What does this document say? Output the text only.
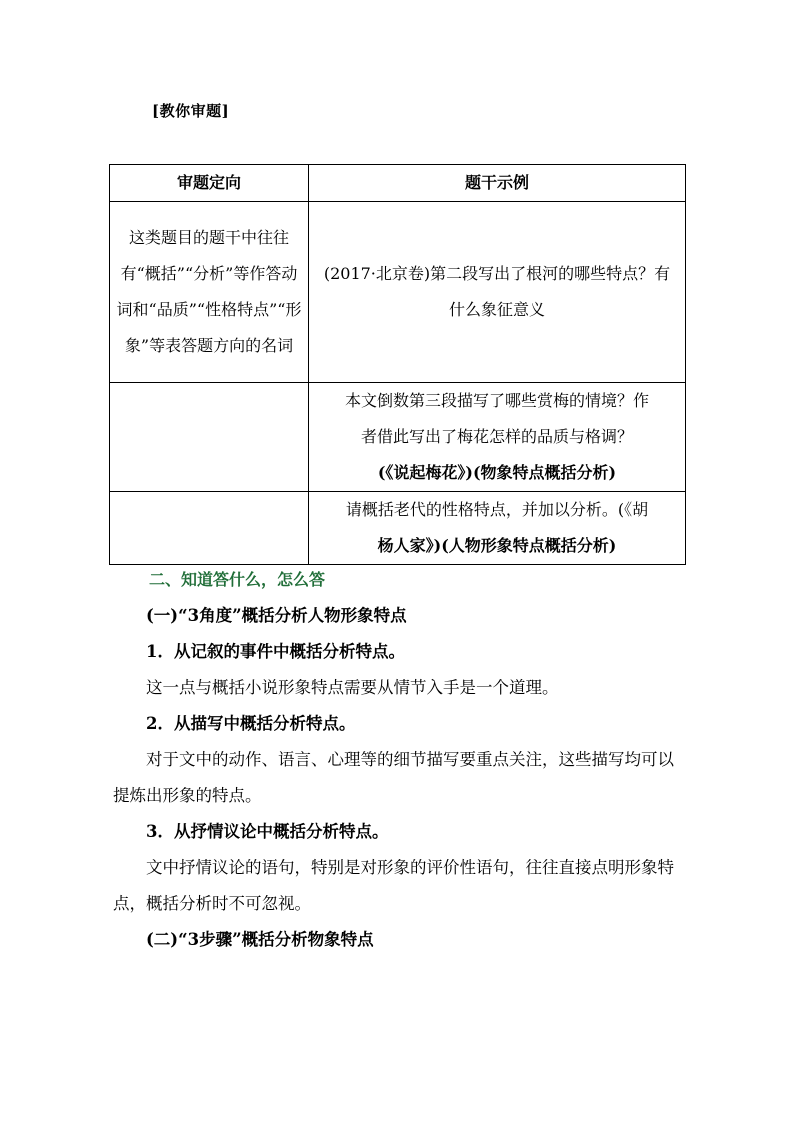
[教你审题]
审题定向	题干示例

这类题目的题干中往往有“概括”“分析”等作答动词和“品质”“性格特点”“形象”等表答题方向的名词	(2017·北京卷)第二段写出了根河的哪些特点？有什么象征意义

	本文倒数第三段描写了哪些赏梅的情境？作
者借此写出了梅花怎样的品质与格调？
(《说起梅花》)(物象特点概括分析)

	请概括老代的性格特点，并加以分析。(《胡
杨人家》)(人物形象特点概括分析)
二、知道答什么，怎么答

(一)“3角度”概括分析人物形象特点

1．从记叙的事件中概括分析特点。

这一点与概括小说形象特点需要从情节入手是一个道理。

2．从描写中概括分析特点。

对于文中的动作、语言、心理等的细节描写要重点关注，这些描写均可以提炼出形象的特点。

3．从抒情议论中概括分析特点。

文中抒情议论的语句，特别是对形象的评价性语句，往往直接点明形象特点，概括分析时不可忽视。

(二)“3步骤”概括分析物象特点
